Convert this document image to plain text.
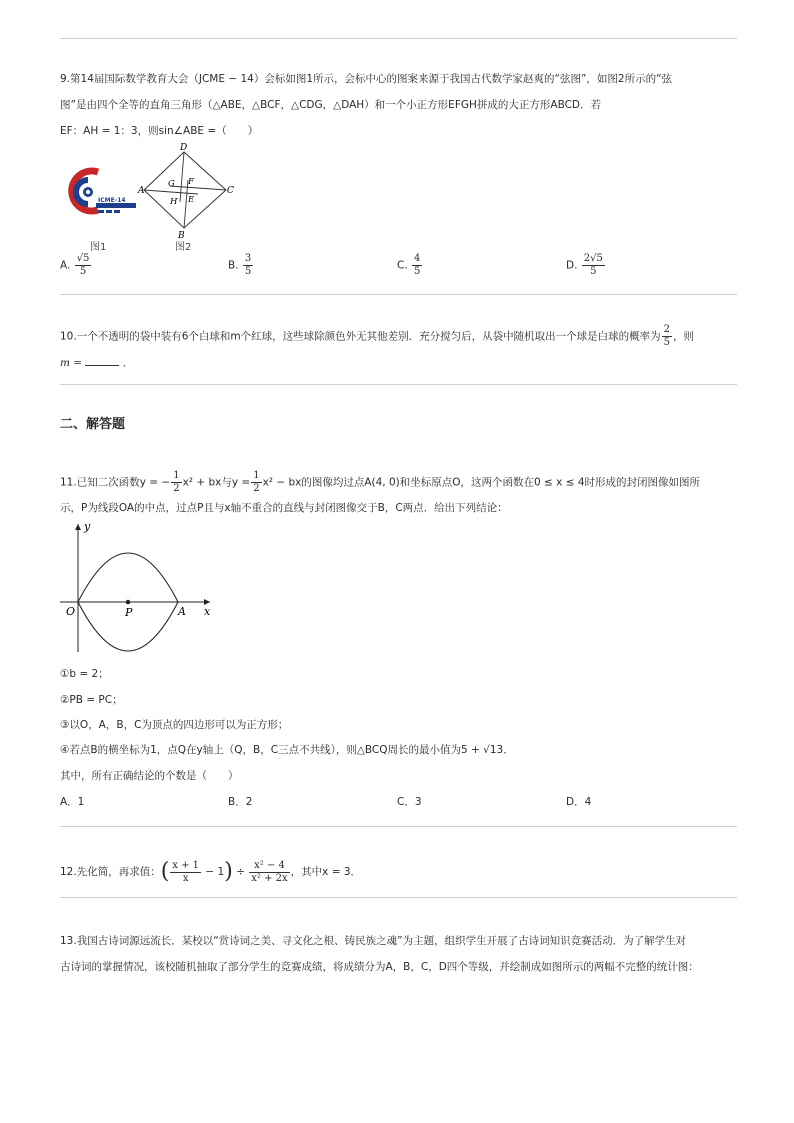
9.第14届国际数学教育大会（JCME − 14）会标如图1所示，会标中心的图案来源于我国古代数学家赵爽的“弦图”，如图2所示的“弦
图”是由四个全等的直角三角形（△ABE，△BCF，△CDG，△DAH）和一个小正方形EFGH拼成的大正方形ABCD．若
EF：AH = 1：3，则sin∠ABE =（　　）
ICME-14
图1
D
A	C
B
G F
H E
图2
A. $\frac{√5}{5}$	B. $\frac{3}{5}$	C. $\frac{4}{5}$	D. $\frac{2√5}{5}$
10.一个不透明的袋中装有6个白球和m个红球，这些球除颜色外无其他差别．充分搅匀后，从袋中随机取出一个球是白球的概率为 $\frac{2}{5}$ ，则
m =	．
二、解答题
11.已知二次函数y = − $\frac{1}{2} x^2$ + bx与$y = \frac{1}{2} x^2$ − bx的图像均过点A(4, 0)和坐标原点O，这两个函数在0 ≤ x ≤ 4时形成的封闭图像如图所
示，P为线段OA的中点，过点P且与x轴不重合的直线与封闭图像交于B，C两点．给出下列结论：
y
x
O	P	A
①b = 2；
②PB = PC；
③以O，A，B，C为顶点的四边形可以为正方形；
④若点B的横坐标为1，点Q在y轴上（Q，B，C三点不共线），则△BCQ周长的最小值为5 + √13．
其中，所有正确结论的个数是（　　）
A．1	B．2	C．3	D．4
12.先化简，再求值：( $\frac{x + 1}{x} - 1) \div \frac{\text{x² − 4}}{\text{x² + 2x}}$ ，其中x = 3．
13.我国古诗词源远流长．某校以“赏诗词之美、寻文化之根、铸民族之魂”为主题，组织学生开展了古诗词知识竞赛活动．为了解学生对
古诗词的掌握情况，该校随机抽取了部分学生的竞赛成绩，将成绩分为A，B，C，D四个等级，并绘制成如图所示的两幅不完整的统计图：
